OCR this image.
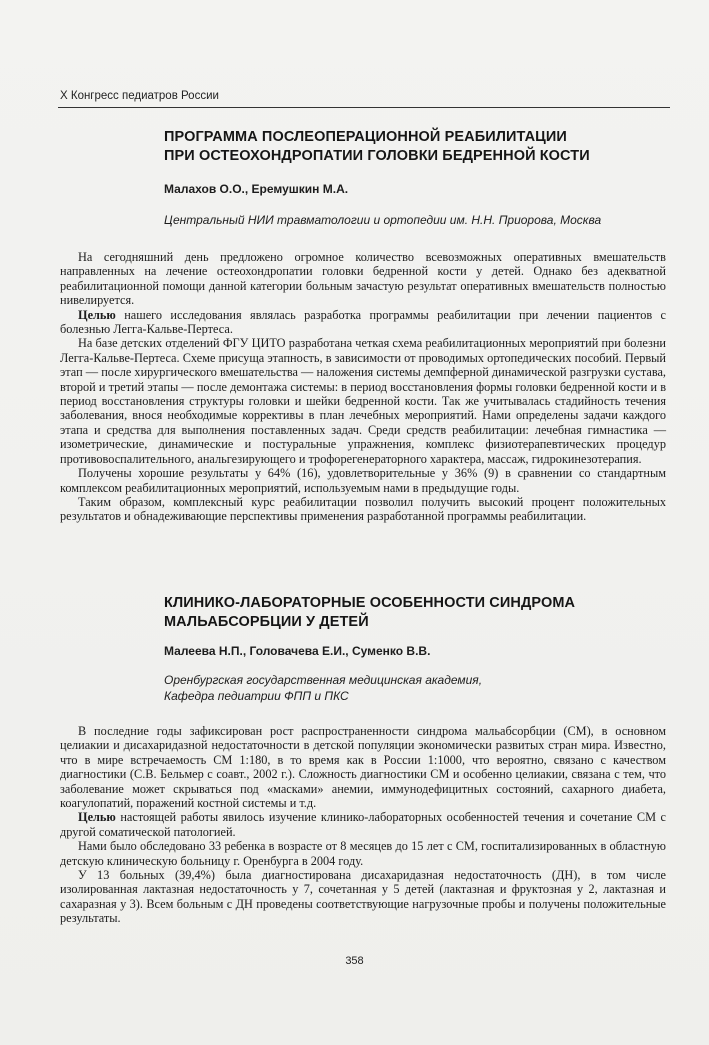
X Конгресс педиатров России
ПРОГРАММА ПОСЛЕОПЕРАЦИОННОЙ РЕАБИЛИТАЦИИ
ПРИ ОСТЕОХОНДРОПАТИИ ГОЛОВКИ БЕДРЕННОЙ КОСТИ
Малахов О.О., Еремушкин М.А.
Центральный НИИ травматологии и ортопедии им. Н.Н. Приорова, Москва

На сегодняшний день предложено огромное количество всевозможных оперативных вмешательств направленных на лечение остеохондропатии головки бедренной кости у детей. Однако без адекватной реабилитационной помощи данной категории больным зачастую результат оперативных вмешательств полностью нивелируется.

Целью нашего исследования являлась разработка программы реабилитации при лечении пациентов с болезнью Легга-Кальве-Пертеса.

На базе детских отделений ФГУ ЦИТО разработана четкая схема реабилитационных мероприятий при болезни Легга-Кальве-Пертеса. Схеме присуща этапность, в зависимости от проводимых ортопедических пособий. Первый этап — после хирургического вмешательства — наложения системы демпферной динамической разгрузки сустава, второй и третий этапы — после демонтажа системы: в период восстановления формы головки бедренной кости и в период восстановления структуры головки и шейки бедренной кости. Так же учитывалась стадийность течения заболевания, внося необходимые коррективы в план лечебных мероприятий. Нами определены задачи каждого этапа и средства для выполнения поставленных задач. Среди средств реабилитации: лечебная гимнастика — изометрические, динамические и постуральные упражнения, комплекс физиотерапевтических процедур противовоспалительного, анальгезирующего и трофорегенераторного характера, массаж, гидрокинезотерапия.

Получены хорошие результаты у 64% (16), удовлетворительные у 36% (9) в сравнении со стандартным комплексом реабилитационных мероприятий, используемым нами в предыдущие годы.

Таким образом, комплексный курс реабилитации позволил получить высокий процент положительных результатов и обнадеживающие перспективы применения разработанной программы реабилитации.

КЛИНИКО-ЛАБОРАТОРНЫЕ ОСОБЕННОСТИ СИНДРОМА
МАЛЬАБСОРБЦИИ У ДЕТЕЙ
Малеева Н.П., Головачева Е.И., Суменко В.В.
Оренбургская государственная медицинская академия,
Кафедра педиатрии ФПП и ПКС

В последние годы зафиксирован рост распространенности синдрома мальабсорбции (СМ), в основном целиакии и дисахаридазной недостаточности в детской популяции экономически развитых стран мира. Известно, что в мире встречаемость СМ 1:180, в то время как в России 1:1000, что вероятно, связано с качеством диагностики (С.В. Бельмер с соавт., 2002 г.). Сложность диагностики СМ и особенно целиакии, связана с тем, что заболевание может скрываться под «масками» анемии, иммунодефицитных состояний, сахарного диабета, коагулопатий, поражений костной системы и т.д.

Целью настоящей работы явилось изучение клинико-лабораторных особенностей течения и сочетание СМ с другой соматической патологией.

Нами было обследовано 33 ребенка в возрасте от 8 месяцев до 15 лет с СМ, госпитализированных в областную детскую клиническую больницу г. Оренбурга в 2004 году.

У 13 больных (39,4%) была диагностирована дисахаридазная недостаточность (ДН), в том числе изолированная лактазная недостаточность у 7, сочетанная у 5 детей (лактазная и фруктозная у 2, лактазная и сахаразная у 3). Всем больным с ДН проведены соответствующие нагрузочные пробы и получены положительные результаты.

358
